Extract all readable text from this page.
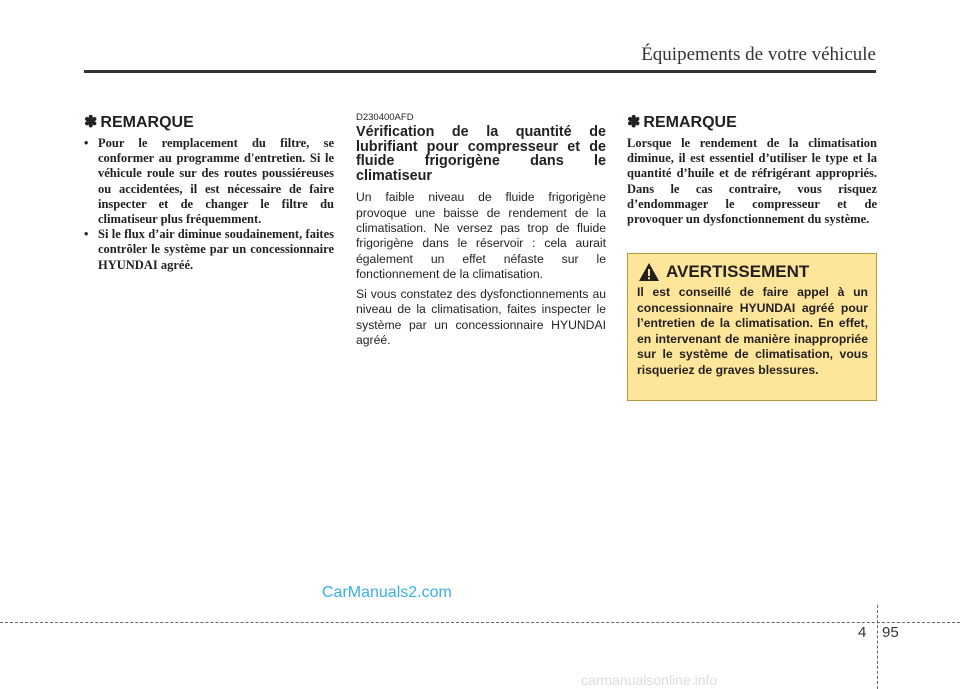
Équipements de votre véhicule
✽ REMARQUE
• Pour le remplacement du filtre, se conformer au programme d'entretien. Si le véhicule roule sur des routes poussiéreuses ou accidentées, il est nécessaire de faire inspecter et de changer le filtre du climatiseur plus fréquemment.
• Si le flux d’air diminue soudainement, faites contrôler le système par un concessionnaire HYUNDAI agréé.
D230400AFD
Vérification de la quantité de lubrifiant pour compresseur et de fluide frigorigène dans le climatiseur

Un faible niveau de fluide frigorigène provoque une baisse de rendement de la climatisation. Ne versez pas trop de fluide frigorigène dans le réservoir : cela aurait également un effet néfaste sur le fonctionnement de la climatisation.

Si vous constatez des dysfonctionnements au niveau de la climatisation, faites inspecter le système par un concessionnaire HYUNDAI agréé.

✽ REMARQUE

Lorsque le rendement de la climatisation diminue, il est essentiel d’utiliser le type et la quantité d’huile et de réfrigérant appropriés. Dans le cas contraire, vous risquez d’endommager le compresseur et de provoquer un dysfonctionnement du système.

AVERTISSEMENT

Il est conseillé de faire appel à un concessionnaire HYUNDAI agréé pour l’entretien de la climatisation. En effet, en intervenant de manière inappropriée sur le système de climatisation, vous risqueriez de graves blessures.

CarManuals2.com
4 95
carmanualsonline.info
